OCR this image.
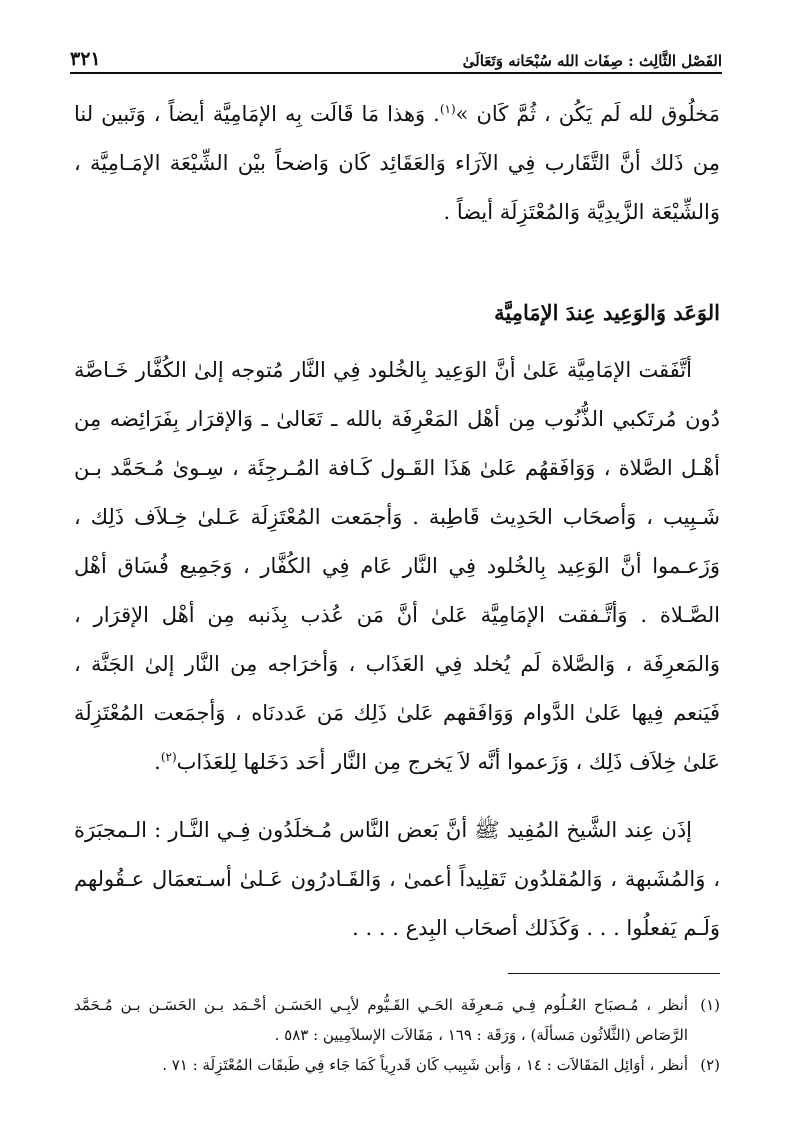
الفَصْل الثَّالِث : صِفَات الله سُبْحَانه وَتَعَالَىٰ
٣٢١

مَخلُوق لله لَم يَكُن ، ثُمَّ كَان »$^{(١)}$. وَهذا مَا قَالَت بِه الإمَامِيَّة أيضاً ، وَتَبين لنا مِن ذَلك أنَّ التَّقَارب فِي الآرَاء وَالعَقَائِد كَان وَاضحاً بيْن الشِّيْعَة الإمَـامِيَّة ، وَالشِّيْعَة الزَّيدِيَّة وَالمُعْتَزِلَة أيضاً .

الوَعَد وَالوَعِيد عِندَ الإمَامِيَّة

أتَّفَقت الإمَامِيَّة عَلىٰ أنَّ الوَعِيد بِالخُلود فِي النَّار مُتوجه إلىٰ الكُفَّار خَـاصَّة دُون مُرتَكبي الذُّنُوب مِن أهْل المَعْرِفَة بالله ـ تَعَالىٰ ـ وَالإقرَار بِفَرَائِضه مِن أهْـل الصَّلاة ، وَوَافَقهُم عَلىٰ هَذَا القَـول كَـافة المُـرجِئَة ، سِـوىٰ مُـحَمَّد بـن شَـبِيب ، وَأصحَاب الحَدِيث قَاطِبة . وَأجمَعت المُعْتَزِلَة عَـلىٰ خِـلاَف ذَلِك ، وَزَعـموا أنَّ الوَعِيد بِالخُلود فِي النَّار عَام فِي الكُفَّار ، وَجَمِيع فُسَاق أهْل الصَّـلاة . وَأتَّـفقت الإمَامِيَّة عَلىٰ أنَّ مَن عُذب بِذَنبه مِن أهْل الإقرَار ، وَالمَعرِفَة ، وَالصَّلاة لَم يُخلد فِي العَذَاب ، وَأخرَاجه مِن النَّار إلىٰ الجَنَّة ، فَيَنعم فِيها عَلىٰ الدَّوام وَوَافَقهم عَلىٰ ذَلِك مَن عَددنَاه ، وَأجمَعت المُعْتَزِلَة عَلىٰ خِلاَف ذَلِك ، وَزَعموا أنَّه لاَ يَخرج مِن النَّار أحَد دَخَلها لِلعَذَاب$^{(٢)}$.

إذَن عِند الشَّيخ المُفِيد ﷺ أنَّ بَعض النَّاس مُـخلَدُون فِـي النَّـار : الـمجبَرَة ، وَالمُشَبهة ، وَالمُقلدُون تَقلِيداً أعمىٰ ، وَالقَـادرُون عَـلىٰ أسـتعمَال عـقُولهم وَلَـم يَفعلُوا . . . وَكَذَلك أصحَاب البِدع . . . .

(١)
أنظر ، مُـصبَاح العُـلُوم فِـي مَـعرِفَة الحَـي القَـيُّوم لأبِـي الحَسَـن أحْـمَد بـن الحَسَـن بـن مُـحَمَّد الرَّصَاص (الثَّلاثُون مَسألَة) ، وَرَقَة : ١٦٩ ، مَقَالاَت الإسلاَمِيين : ٥٨٣ .
(٢)
أنظر ، أوَائِل المَقَالاَت : ١٤ ، وَأبن شَبِيب كَان قَدرِياً كَمَا جَاء فِي طَبقَات المُعْتَزِلَة : ٧١ .
